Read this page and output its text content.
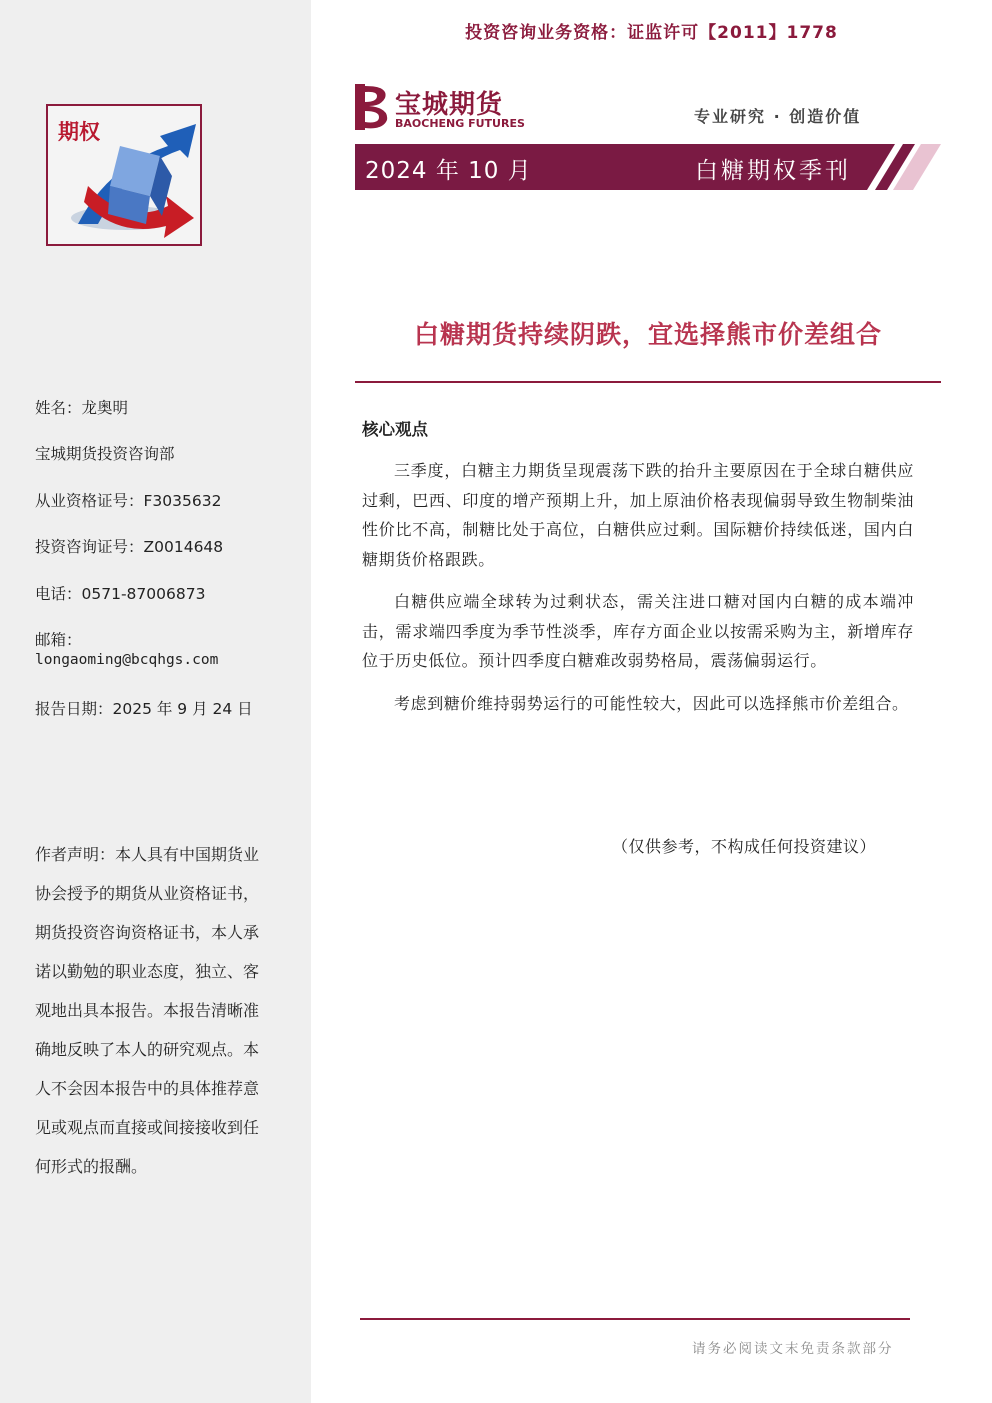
期权
姓名：龙奥明
宝城期货投资咨询部
从业资格证号：F3035632
投资咨询证号：Z0014648
电话：0571-87006873
邮箱：
longaoming@bcqhgs.com
报告日期：2025 年 9 月 24 日
作者声明：本人具有中国期货业协会授予的期货从业资格证书，期货投资咨询资格证书，本人承诺以勤勉的职业态度，独立、客观地出具本报告。本报告清晰准确地反映了本人的研究观点。本人不会因本报告中的具体推荐意见或观点而直接或间接接收到任何形式的报酬。
投资咨询业务资格：证监许可【2011】1778
宝城期货
BAOCHENG FUTURES	专业研究 · 创造价值
2024 年 10 月	白糖期权季刊
白糖期货持续阴跌，宜选择熊市价差组合
核心观点

三季度，白糖主力期货呈现震荡下跌的抬升主要原因在于全球白糖供应过剩，巴西、印度的增产预期上升，加上原油价格表现偏弱导致生物制柴油性价比不高，制糖比处于高位，白糖供应过剩。国际糖价持续低迷，国内白糖期货价格跟跌。

白糖供应端全球转为过剩状态，需关注进口糖对国内白糖的成本端冲击，需求端四季度为季节性淡季，库存方面企业以按需采购为主，新增库存位于历史低位。预计四季度白糖难改弱势格局，震荡偏弱运行。

考虑到糖价维持弱势运行的可能性较大，因此可以选择熊市价差组合。

（仅供参考，不构成任何投资建议）
请务必阅读文末免责条款部分
